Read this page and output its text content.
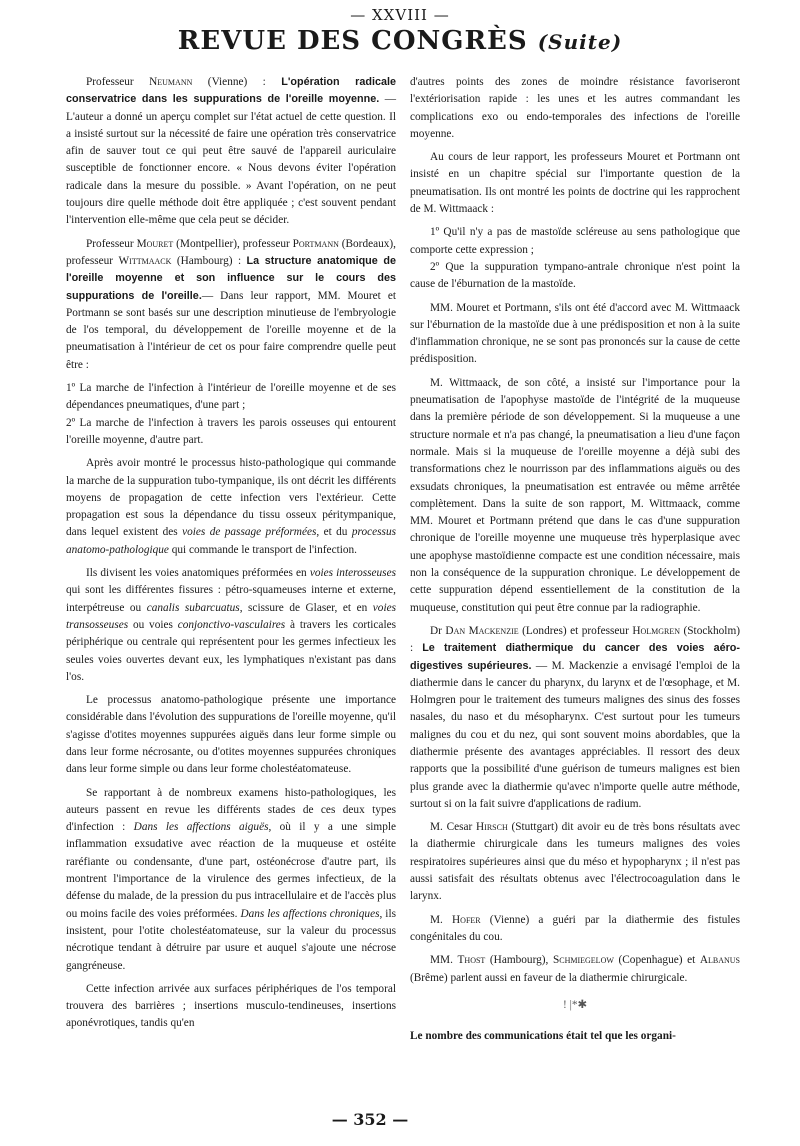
— XXVIII —
REVUE DES CONGRÈS (Suite)

Professeur Neumann (Vienne) : L'opération radicale conservatrice dans les suppurations de l'oreille moyenne. — L'auteur a donné un aperçu complet sur l'état actuel de cette question. Il a insisté surtout sur la nécessité de faire une opération très conservatrice afin de sauver tout ce qui peut être sauvé de l'appareil auriculaire susceptible de fonctionner encore. « Nous devons éviter l'opération radicale dans la mesure du possible. » Avant l'opération, on ne peut toujours dire quelle méthode doit être appliquée ; c'est souvent pendant l'intervention elle-même que cela peut se décider.

Professeur Mouret (Montpellier), professeur Portmann (Bordeaux), professeur Wittmaack (Hambourg) : La structure anatomique de l'oreille moyenne et son influence sur le cours des suppurations de l'oreille.— Dans leur rapport, MM. Mouret et Portmann se sont basés sur une description minutieuse de l'embryologie de l'os temporal, du développement de l'oreille moyenne et de la pneumatisation à l'intérieur de cet os pour faire comprendre quelle peut être :

1º La marche de l'infection à l'intérieur de l'oreille moyenne et de ses dépendances pneumatiques, d'une part ;

2º La marche de l'infection à travers les parois osseuses qui entourent l'oreille moyenne, d'autre part.

Après avoir montré le processus histo-pathologique qui commande la marche de la suppuration tubo-tympanique, ils ont décrit les différents moyens de propagation de cette infection vers l'extérieur. Cette propagation est sous la dépendance du tissu osseux péritympanique, dans lequel existent des voies de passage préformées, et du processus anatomo-pathologique qui commande le transport de l'infection.

Ils divisent les voies anatomiques préformées en voies interosseuses qui sont les différentes fissures : pétro-squameuses interne et externe, interpétreuse ou canalis subarcuatus, scissure de Glaser, et en voies transosseuses ou voies conjonctivo-vasculaires à travers les corticales périphérique ou centrale qui représentent pour les germes infectieux les seules voies ouvertes devant eux, les lymphatiques n'existant pas dans l'os.

Le processus anatomo-pathologique présente une importance considérable dans l'évolution des suppurations de l'oreille moyenne, qu'il s'agisse d'otites moyennes suppurées aiguës dans leur forme simple ou dans leur forme nécrosante, ou d'otites moyennes suppurées chroniques dans leur forme simple ou dans leur forme cholestéatomateuse.

Se rapportant à de nombreux examens histo-pathologiques, les auteurs passent en revue les différents stades de ces deux types d'infection : Dans les affections aiguës, où il y a une simple inflammation exsudative avec réaction de la muqueuse et ostéite raréfiante ou condensante, d'une part, ostéonécrose d'autre part, ils montrent l'importance de la virulence des germes infectieux, de la défense du malade, de la pression du pus intracellulaire et de l'accès plus ou moins facile des voies préformées. Dans les affections chroniques, ils insistent, pour l'otite cholestéatomateuse, sur la valeur du processus nécrotique tendant à détruire par usure et auquel s'ajoute une nécrose gangréneuse.

Cette infection arrivée aux surfaces périphériques de l'os temporal trouvera des barrières ; insertions musculo-tendineuses, insertions aponévrotiques, tandis qu'en

d'autres points des zones de moindre résistance favoriseront l'extériorisation rapide : les unes et les autres commandant les complications exo ou endo-temporales des infections de l'oreille moyenne.

Au cours de leur rapport, les professeurs Mouret et Portmann ont insisté en un chapitre spécial sur l'importante question de la pneumatisation. Ils ont montré les points de doctrine qui les rapprochent de M. Wittmaack :

1º Qu'il n'y a pas de mastoïde scléreuse au sens pathologique que comporte cette expression ;

2º Que la suppuration tympano-antrale chronique n'est point la cause de l'éburnation de la mastoïde.

MM. Mouret et Portmann, s'ils ont été d'accord avec M. Wittmaack sur l'éburnation de la mastoïde due à une prédisposition et non à la suite d'inflammation chronique, ne se sont pas prononcés sur la cause de cette prédisposition.

M. Wittmaack, de son côté, a insisté sur l'importance pour la pneumatisation de l'apophyse mastoïde de l'intégrité de la muqueuse dans la première période de son développement. Si la muqueuse a une structure normale et n'a pas changé, la pneumatisation a lieu d'une façon normale. Mais si la muqueuse de l'oreille moyenne a déjà subi des transformations chez le nourrisson par des inflammations aiguës ou des exsudats chroniques, la pneumatisation est entravée ou même arrêtée complètement. Dans la suite de son rapport, M. Wittmaack, comme MM. Mouret et Portmann prétend que dans le cas d'une suppuration chronique de l'oreille moyenne une muqueuse très hyperplasique avec une apophyse mastoïdienne compacte est une condition nécessaire, mais non la conséquence de la suppuration chronique. Le développement de cette suppuration dépend essentiellement de la constitution de la muqueuse, constitution qui peut être connue par la radiographie.

Dr Dan Mackenzie (Londres) et professeur Holmgren (Stockholm) : Le traitement diathermique du cancer des voies aéro-digestives supérieures. — M. Mackenzie a envisagé l'emploi de la diathermie dans le cancer du pharynx, du larynx et de l'œsophage, et M. Holmgren pour le traitement des tumeurs malignes des sinus des fosses nasales, du naso et du mésopharynx. C'est surtout pour les tumeurs malignes du cou et du nez, qui sont souvent moins abordables, que la diathermie présente des avantages appréciables. Il ressort des deux rapports que la possibilité d'une guérison de tumeurs malignes est bien plus grande avec la diathermie qu'avec n'importe quelle autre méthode, surtout si on la fait suivre d'applications de radium.

M. Cesar Hirsch (Stuttgart) dit avoir eu de très bons résultats avec la diathermie chirurgicale dans les tumeurs malignes des voies respiratoires supérieures ainsi que du méso et hypopharynx ; il n'est pas aussi satisfait des résultats obtenus avec l'électrocoagulation dans le larynx.

M. Hofer (Vienne) a guéri par la diathermie des fistules congénitales du cou.

MM. Thost (Hambourg), Schmiegelow (Copenhague) et Albanus (Brême) parlent aussi en faveur de la diathermie chirurgicale.

! |*✱

Le nombre des communications était tel que les organi-

— 352 —
